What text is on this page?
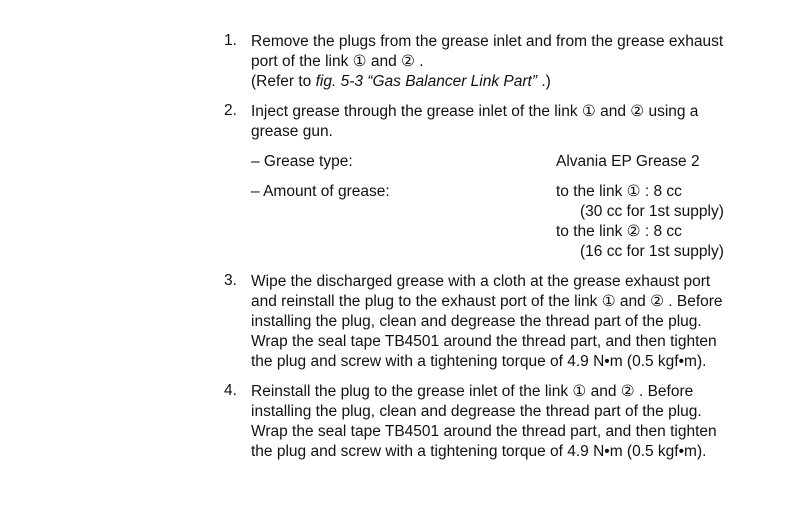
1. Remove the plugs from the grease inlet and from the grease exhaust
port of the link ① and ② .
(Refer to fig. 5-3 “Gas Balancer Link Part” .)
2. Inject grease through the grease inlet of the link ① and ② using a
grease gun.
– Grease type:	Alvania EP Grease 2
– Amount of grease:	to the link ① : 8 cc
(30 cc for 1st supply)
to the link ② : 8 cc
(16 cc for 1st supply)
3. Wipe the discharged grease with a cloth at the grease exhaust port
and reinstall the plug to the exhaust port of the link ① and ② . Before
installing the plug, clean and degrease the thread part of the plug.
Wrap the seal tape TB4501 around the thread part, and then tighten
the plug and screw with a tightening torque of 4.9 N•m (0.5 kgf•m).
4. Reinstall the plug to the grease inlet of the link ① and ② . Before
installing the plug, clean and degrease the thread part of the plug.
Wrap the seal tape TB4501 around the thread part, and then tighten
the plug and screw with a tightening torque of 4.9 N•m (0.5 kgf•m).
